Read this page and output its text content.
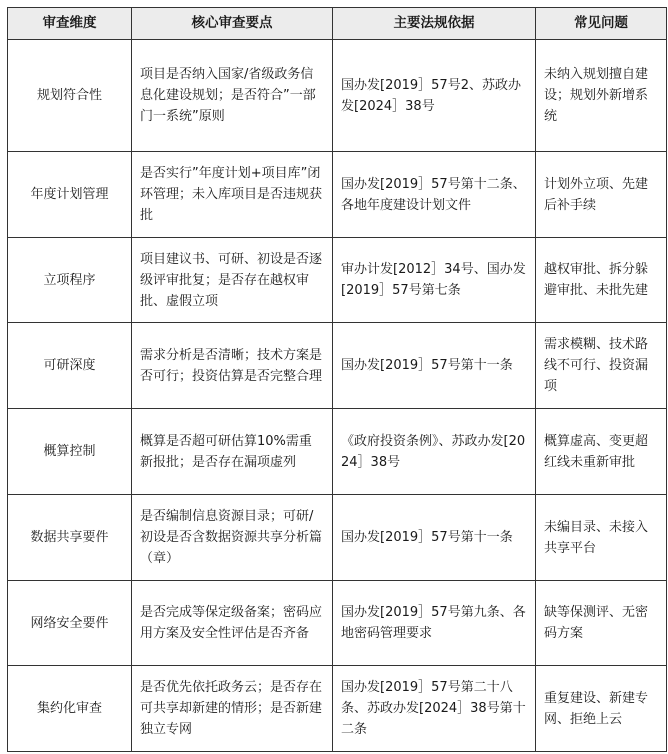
审查维度	核心审查要点	主要法规依据	常见问题
规划符合性	项目是否纳入国家/省级政务信息化建设规划；是否符合”一部门一系统”原则	国办发[2019］57号2、苏政办发[2024］38号	未纳入规划擅自建设；规划外新增系统
年度计划管理	是否实行”年度计划+项目库”闭环管理；未入库项目是否违规获批	国办发[2019］57号第十二条、各地年度建设计划文件	计划外立项、先建后补手续
立项程序	项目建议书、可研、初设是否逐级评审批复；是否存在越权审批、虚假立项	审办计发[2012］34号、国办发[2019］57号第七条	越权审批、拆分躲避审批、未批先建
可研深度	需求分析是否清晰；技术方案是否可行；投资估算是否完整合理	国办发[2019］57号第十一条	需求模糊、技术路线不可行、投资漏项
概算控制	概算是否超可研估算10%需重新报批；是否存在漏项虚列	《政府投资条例》、苏政办发[2024］38号	概算虚高、变更超红线未重新审批
数据共享要件	是否编制信息资源目录；可研/初设是否含数据资源共享分析篇（章）	国办发[2019］57号第十一条	未编目录、未接入共享平台
网络安全要件	是否完成等保定级备案；密码应用方案及安全性评估是否齐备	国办发[2019］57号第九条、各地密码管理要求	缺等保测评、无密码方案
集约化审查	是否优先依托政务云；是否存在可共享却新建的情形；是否新建独立专网	国办发[2019］57号第二十八条、苏政办发[2024］38号第十二条	重复建设、新建专网、拒绝上云
